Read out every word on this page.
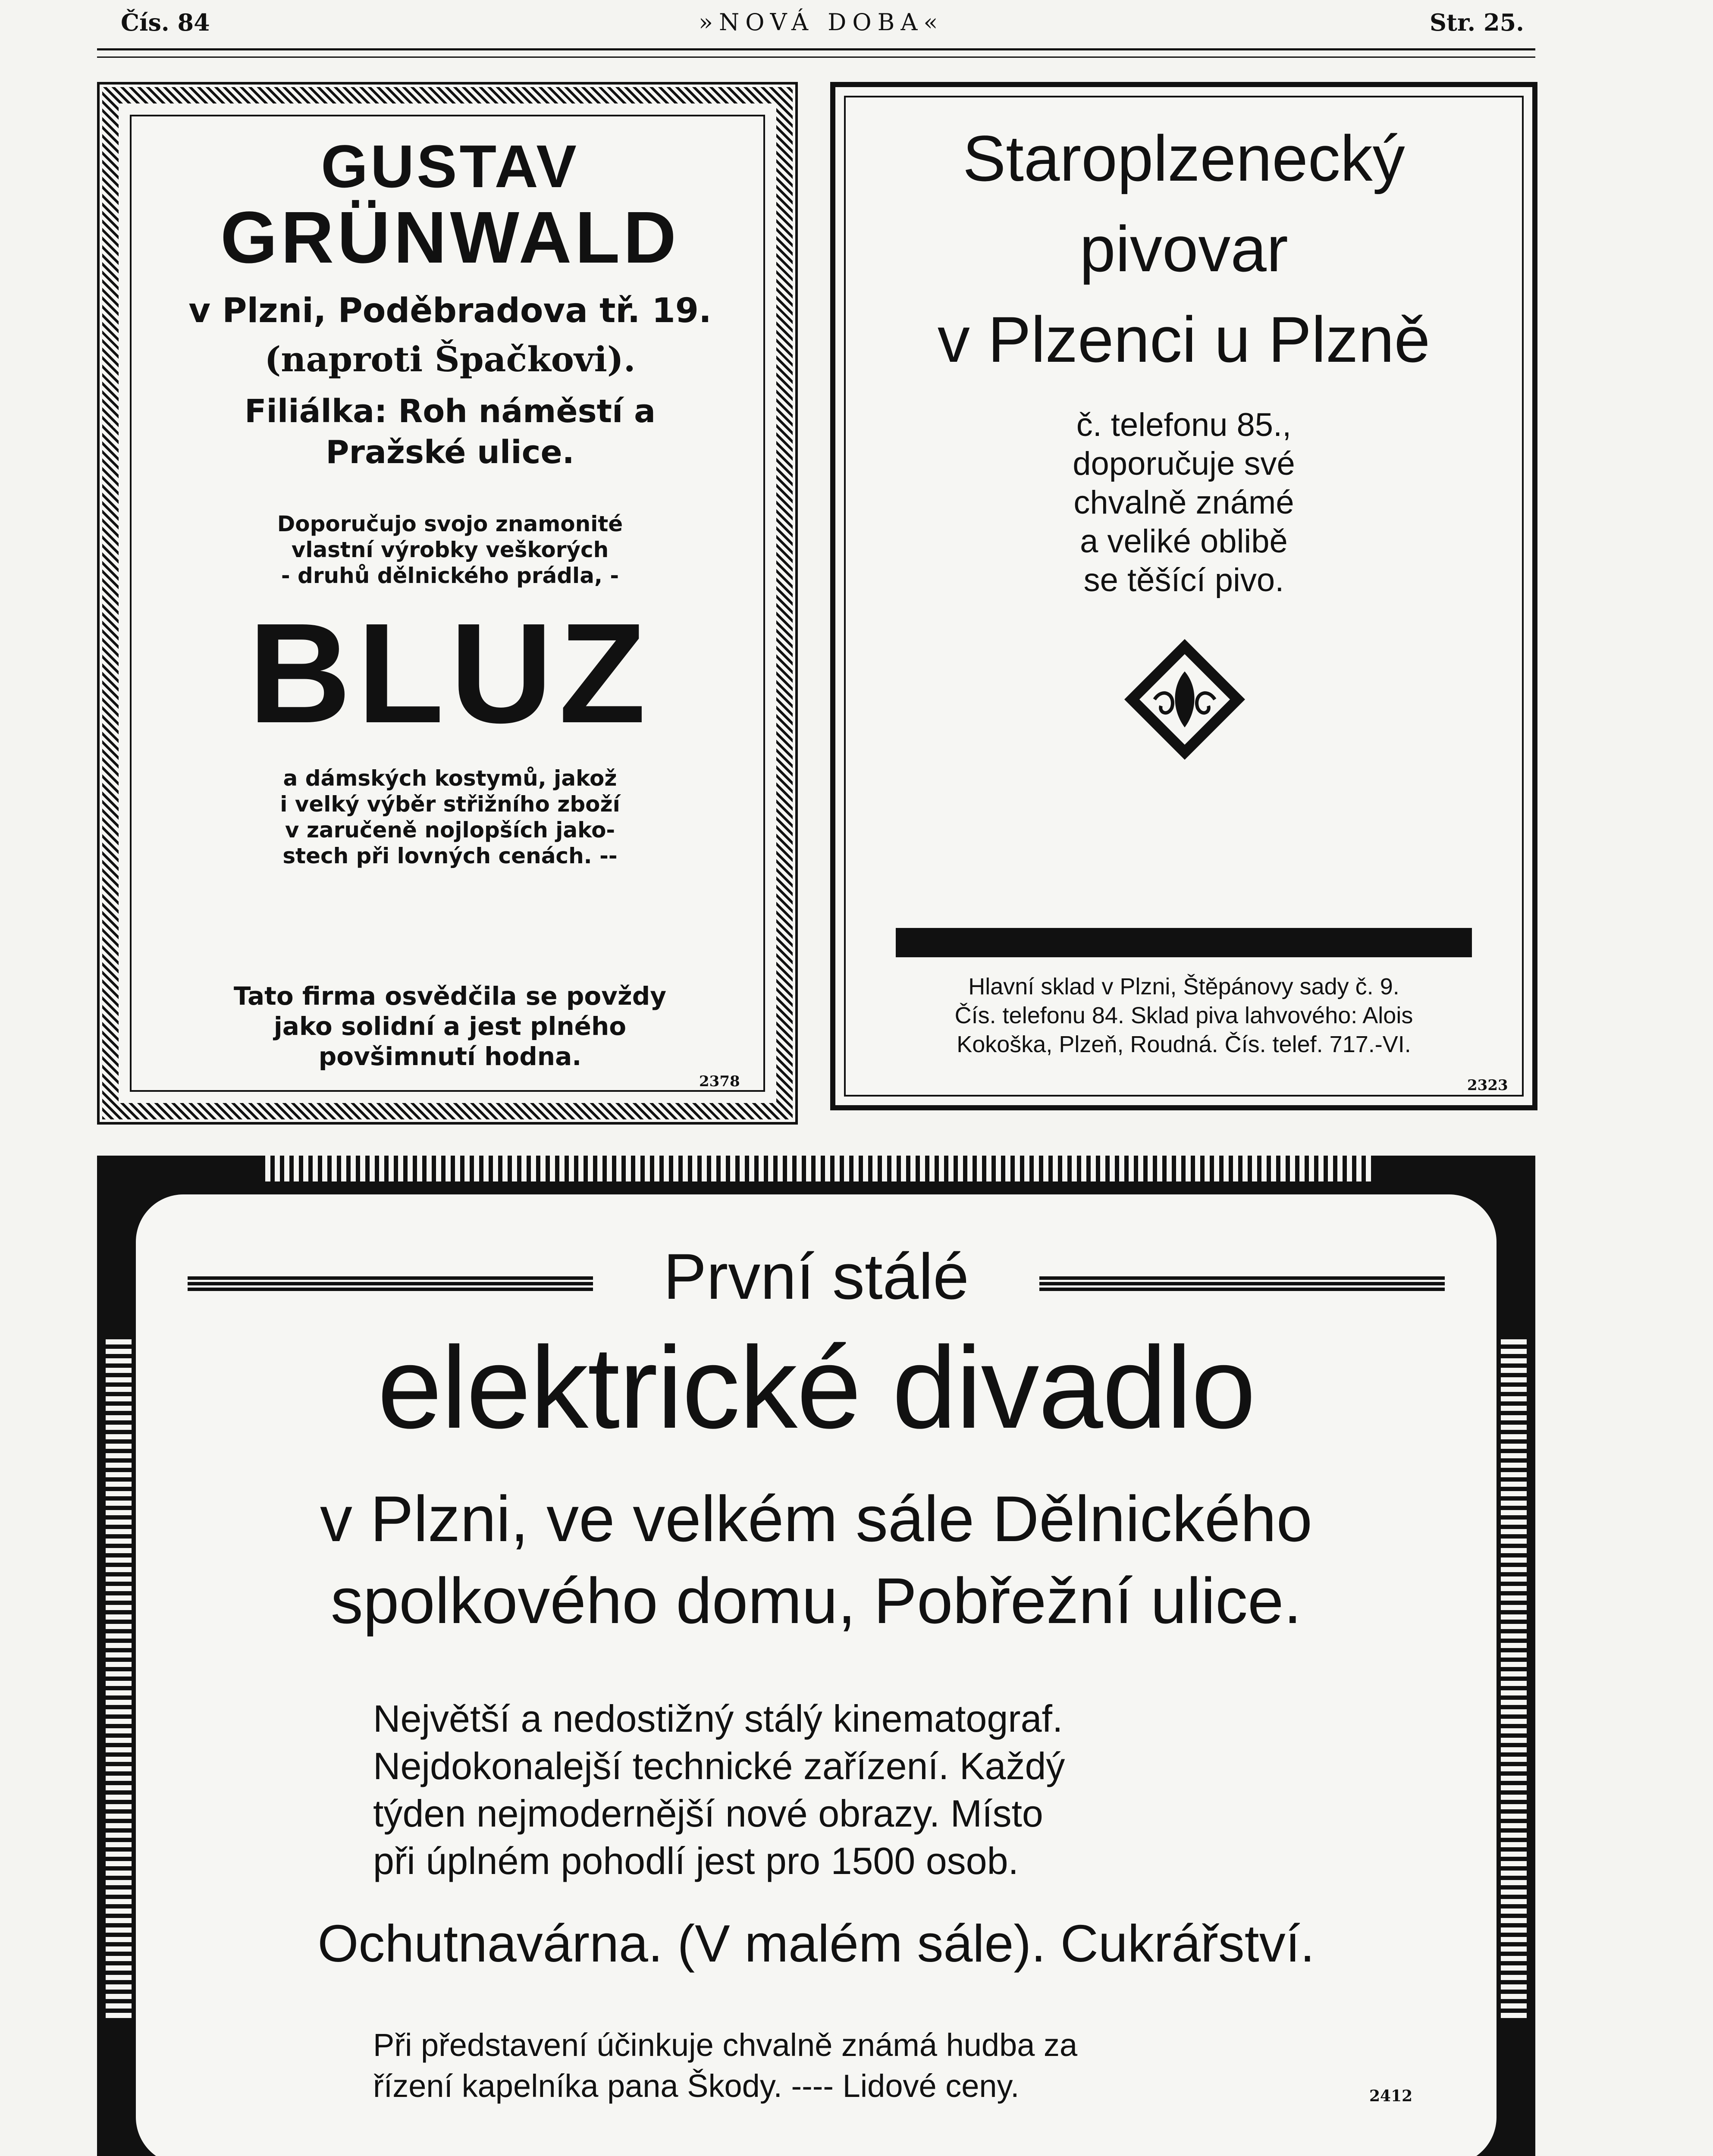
Čís. 84	»NOVÁ DOBA«	Str. 25.
GUSTAV
GRÜNWALD
v Plzni, Poděbradova tř. 19.
(naproti Špačkovi).
Filiálka: Roh náměstí a
Pražské ulice.
Doporučujo svojo znamonité
vlastní výrobky veškorých
- druhů dělnického prádla, -
BLUZ
a dámských kostymů, jakož
i velký výběr střižního zboží
v zaručeně nojlopších jako-
stech při lovných cenách. --
Tato firma osvědčila se povždy
jako solidní a jest plného
povšimnutí hodna.
2378
Staroplzenecký
pivovar
v Plzenci u Plzně
č. telefonu 85.,
doporučuje své
chvalně známé
a veliké oblibě
se těšící pivo.
Hlavní sklad v Plzni, Štěpánovy sady č. 9.
Čís. telefonu 84. Sklad piva lahvového: Alois
Kokoška, Plzeň, Roudná. Čís. telef. 717.-VI.
2323
První stálé
elektrické divadlo
v Plzni, ve velkém sále Dělnického
spolkového domu, Pobřežní ulice.
Největší a nedostižný stálý kinematograf.
Nejdokonalejší technické zařízení. Každý
týden nejmodernější nové obrazy. Místo
při úplném pohodlí jest pro 1500 osob.
Ochutnavárna. (V malém sále). Cukrářství.
Při představení účinkuje chvalně známá hudba za
řízení kapelníka pana Škody. ---- Lidové ceny.	2412
